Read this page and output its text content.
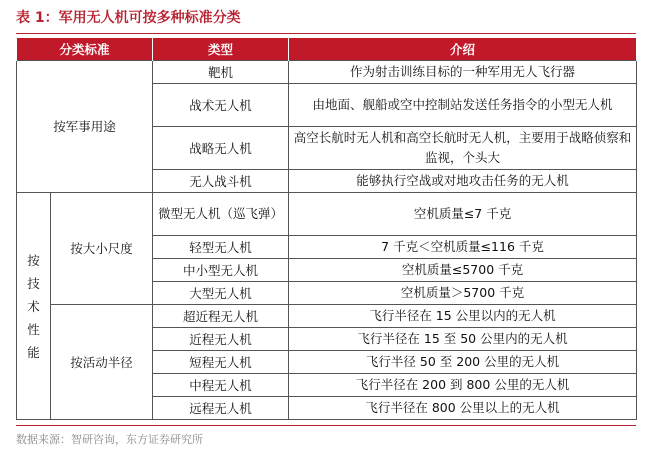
表 1：军用无人机可按多种标准分类
分类标准		类型	介绍
按军事用途		靶机	作为射击训练目标的一种军用无人飞行器
		战术无人机	由地面、舰船或空中控制站发送任务指令的小型无人机
		战略无人机	高空长航时无人机和高空长航时无人机，主要用于战略侦察和监视，个头大
		无人战斗机	能够执行空战或对地攻击任务的无人机
按技术性能	按大小尺度	微型无人机（巡飞弹）	空机质量≤7 千克
		轻型无人机	7 千克＜空机质量≤116 千克
		中小型无人机	空机质量≤5700 千克
		大型无人机	空机质量＞5700 千克
	按活动半径	超近程无人机	飞行半径在 15 公里以内的无人机
		近程无人机	飞行半径在 15 至 50 公里内的无人机
		短程无人机	飞行半径 50 至 200 公里的无人机
		中程无人机	飞行半径在 200 到 800 公里的无人机
		远程无人机	飞行半径在 800 公里以上的无人机
数据来源：智研咨询，东方证券研究所
